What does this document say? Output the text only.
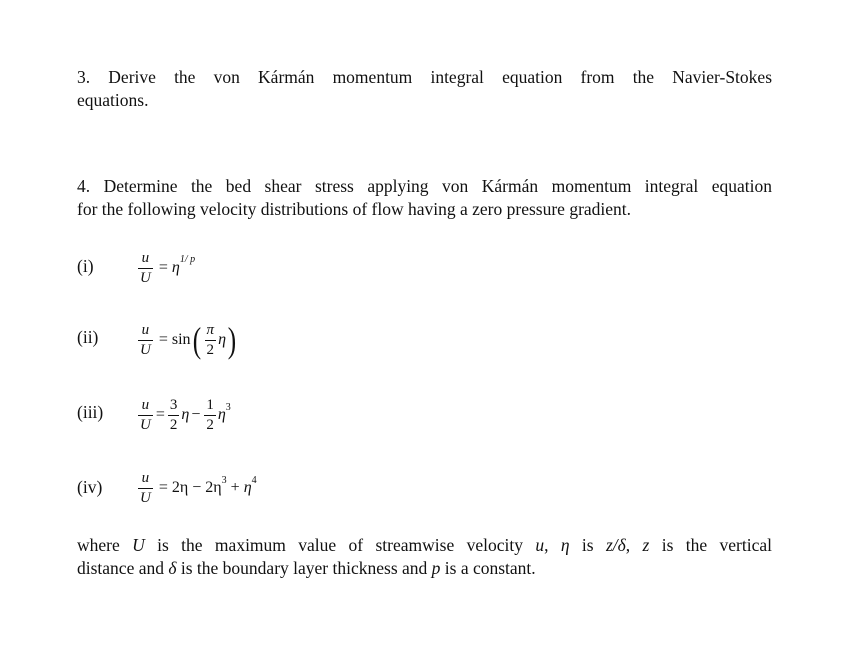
3. Derive the von Kármán momentum integral equation from the Navier-Stokes
equations.
4. Determine the bed shear stress applying von Kármán momentum integral equation
for the following velocity distributions of flow having a zero pressure gradient.
(i)	$\frac{u}{U} = \eta^{1/ p}$
(ii)	$\frac{u}{U} = \sin$ ( $\frac{\pi}{2}$ η )
$(iii) \frac{u}{U} = \frac{3}{2}$ $\eta - \frac{1}{2} \eta^3$
$(iv) \frac{u}{U} = 2\eta - 2\eta^3 + \eta^4$
where U is the maximum value of streamwise velocity u, η is z/δ, z is the vertical
distance and δ is the boundary layer thickness and p is a constant.
